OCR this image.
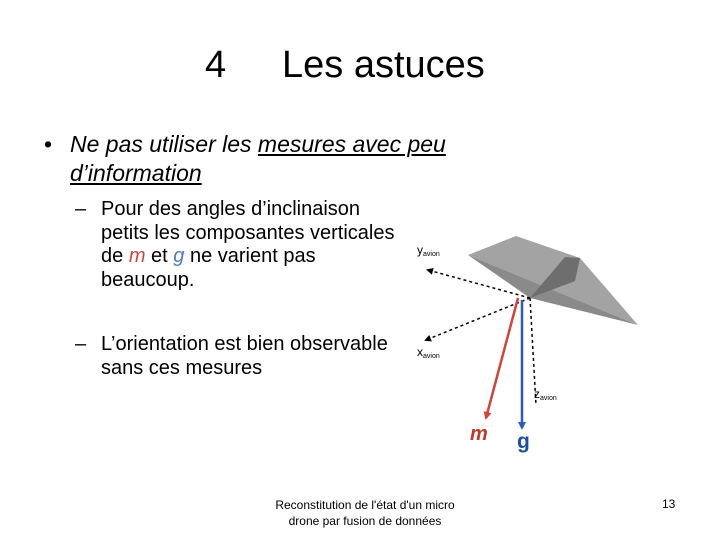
4 Les astuces
• Ne pas utiliser les mesures avec peu d’information
– Pour des angles d’inclinaison petits les composantes verticales de m et g ne varient pas beaucoup.
– L’orientation est bien observable sans ces mesures
yavion
xavion
zavion
m g
Reconstitution de l'état d'un micro
drone par fusion de données
13
